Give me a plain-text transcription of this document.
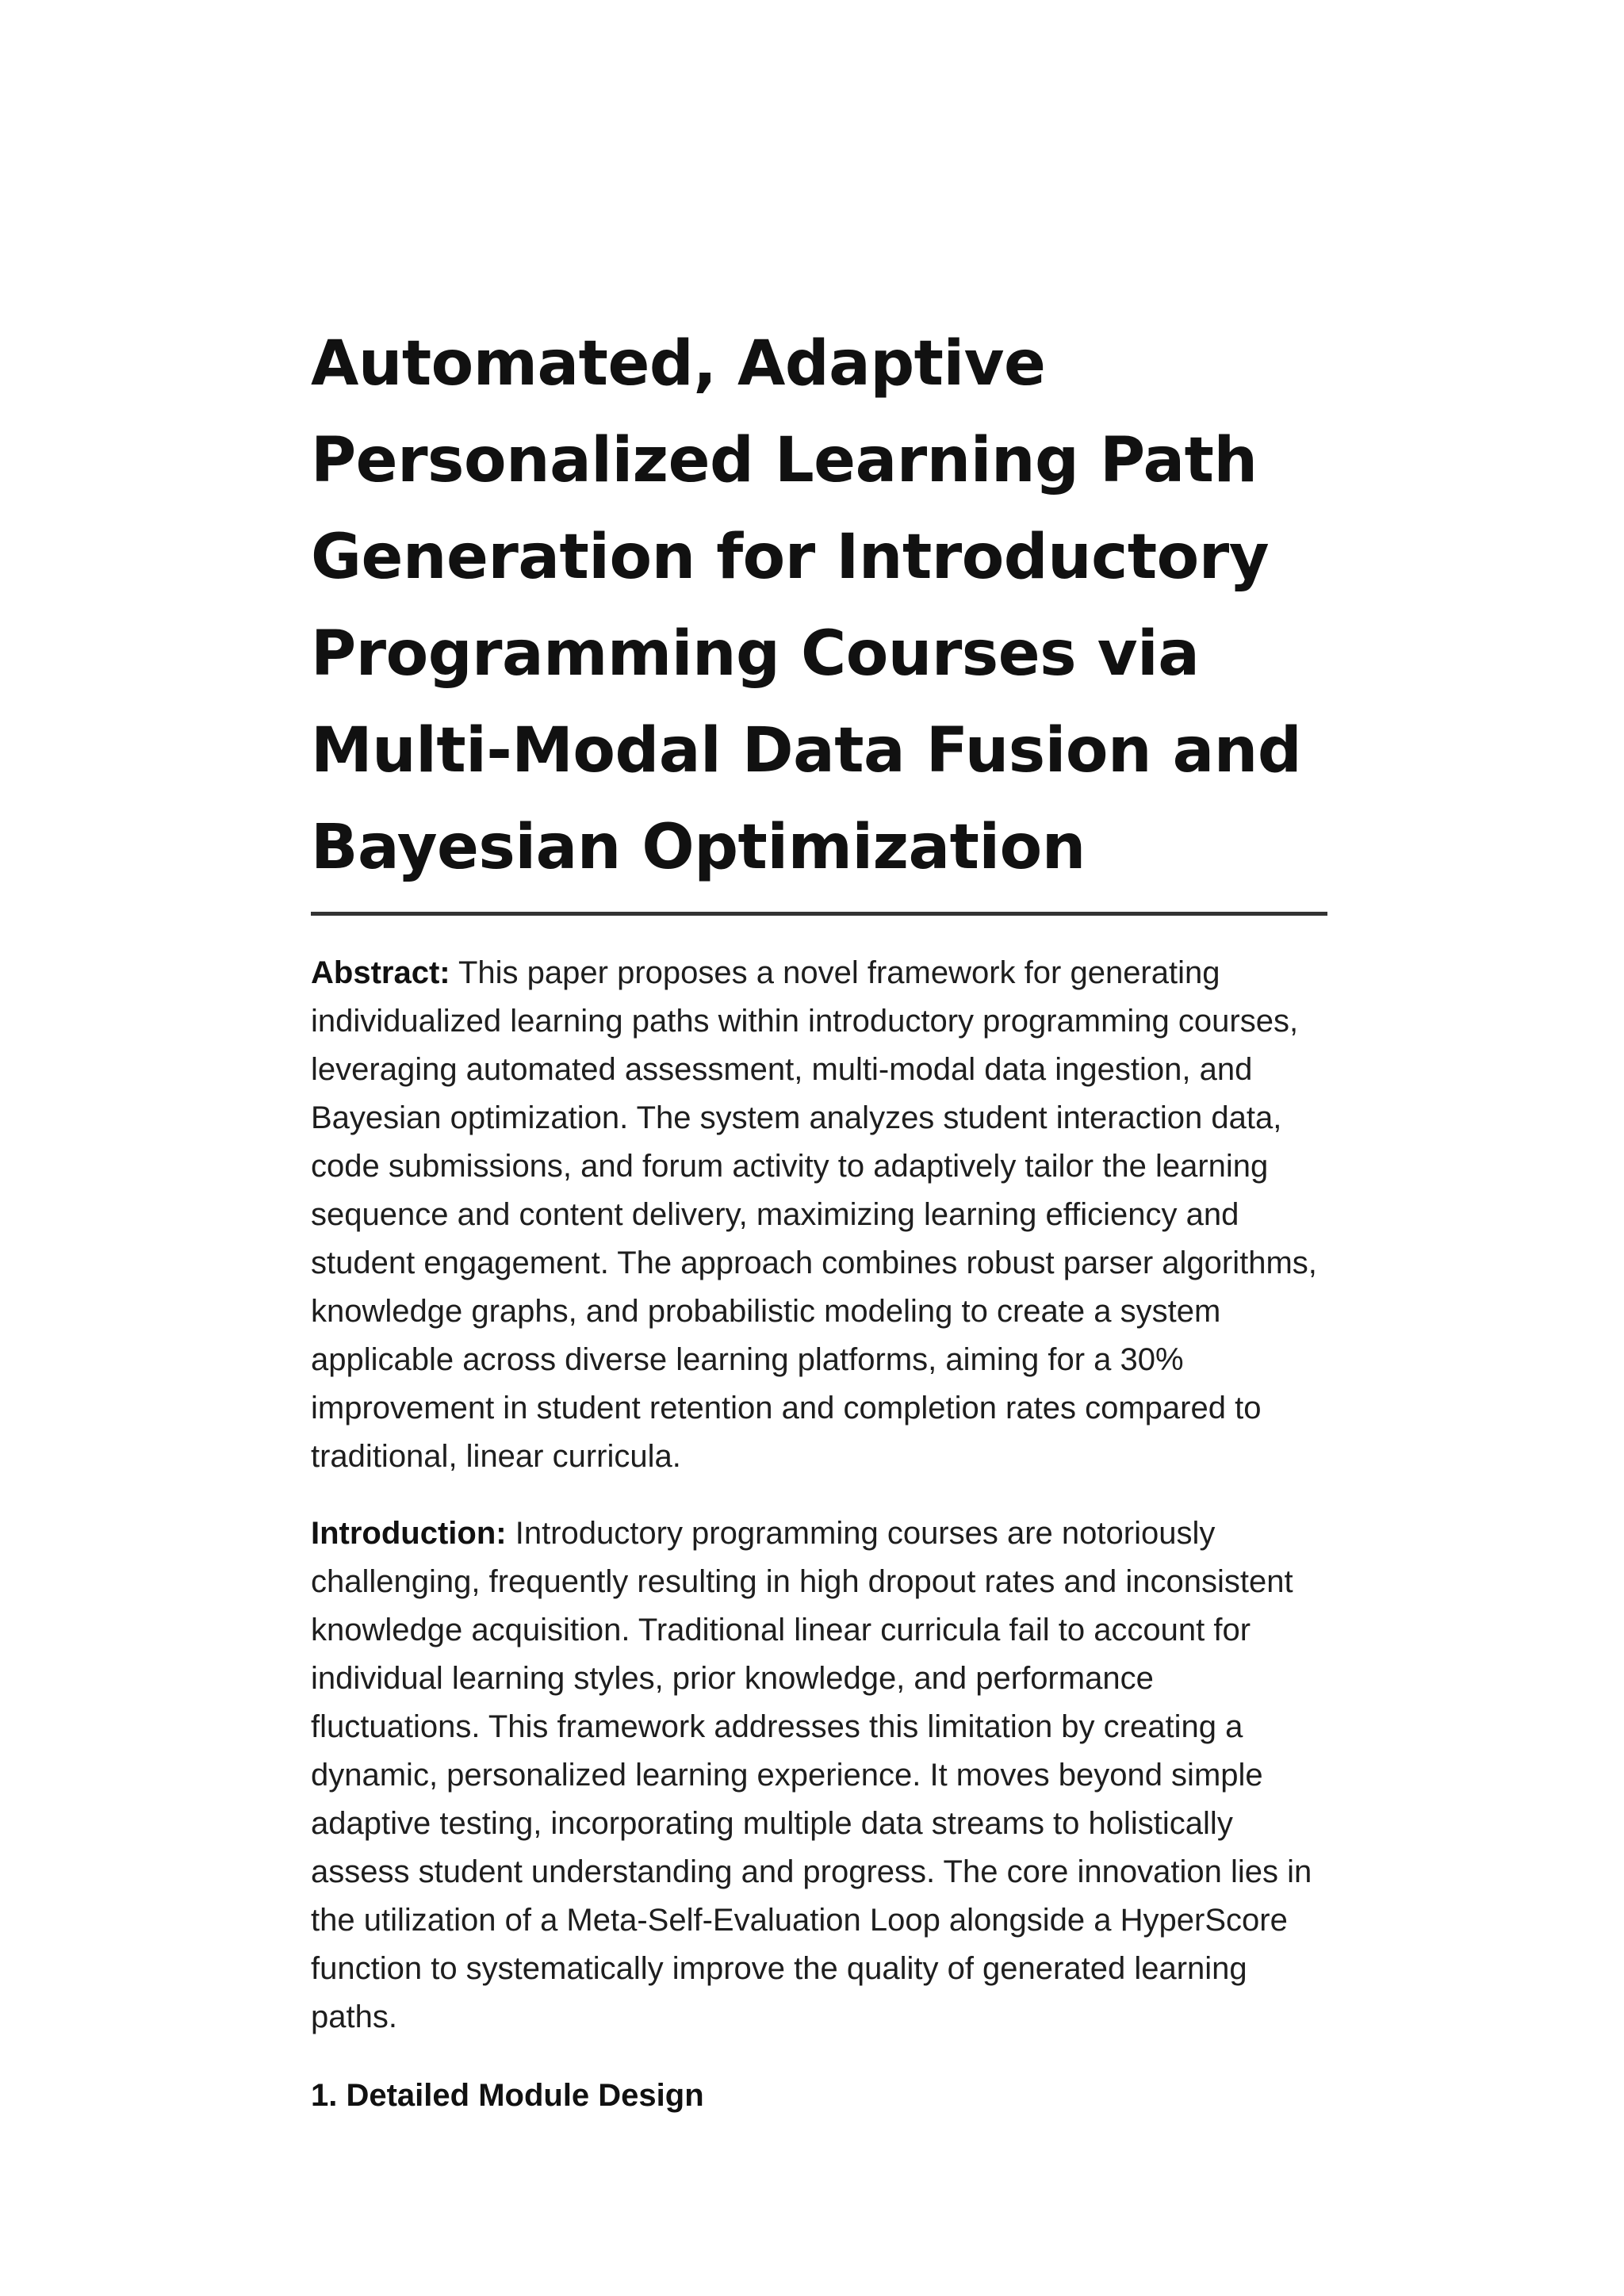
Automated, Adaptive Personalized Learning Path Generation for Introductory Programming Courses via Multi-Modal Data Fusion and Bayesian Optimization

Abstract: This paper proposes a novel framework for generating individualized learning paths within introductory programming courses, leveraging automated assessment, multi-modal data ingestion, and Bayesian optimization. The system analyzes student interaction data, code submissions, and forum activity to adaptively tailor the learning sequence and content delivery, maximizing learning efficiency and student engagement. The approach combines robust parser algorithms, knowledge graphs, and probabilistic modeling to create a system applicable across diverse learning platforms, aiming for a 30% improvement in student retention and completion rates compared to traditional, linear curricula.

Introduction: Introductory programming courses are notoriously challenging, frequently resulting in high dropout rates and inconsistent knowledge acquisition. Traditional linear curricula fail to account for individual learning styles, prior knowledge, and performance fluctuations. This framework addresses this limitation by creating a dynamic, personalized learning experience. It moves beyond simple adaptive testing, incorporating multiple data streams to holistically assess student understanding and progress. The core innovation lies in the utilization of a Meta-Self-Evaluation Loop alongside a HyperScore function to systematically improve the quality of generated learning paths.

1. Detailed Module Design
